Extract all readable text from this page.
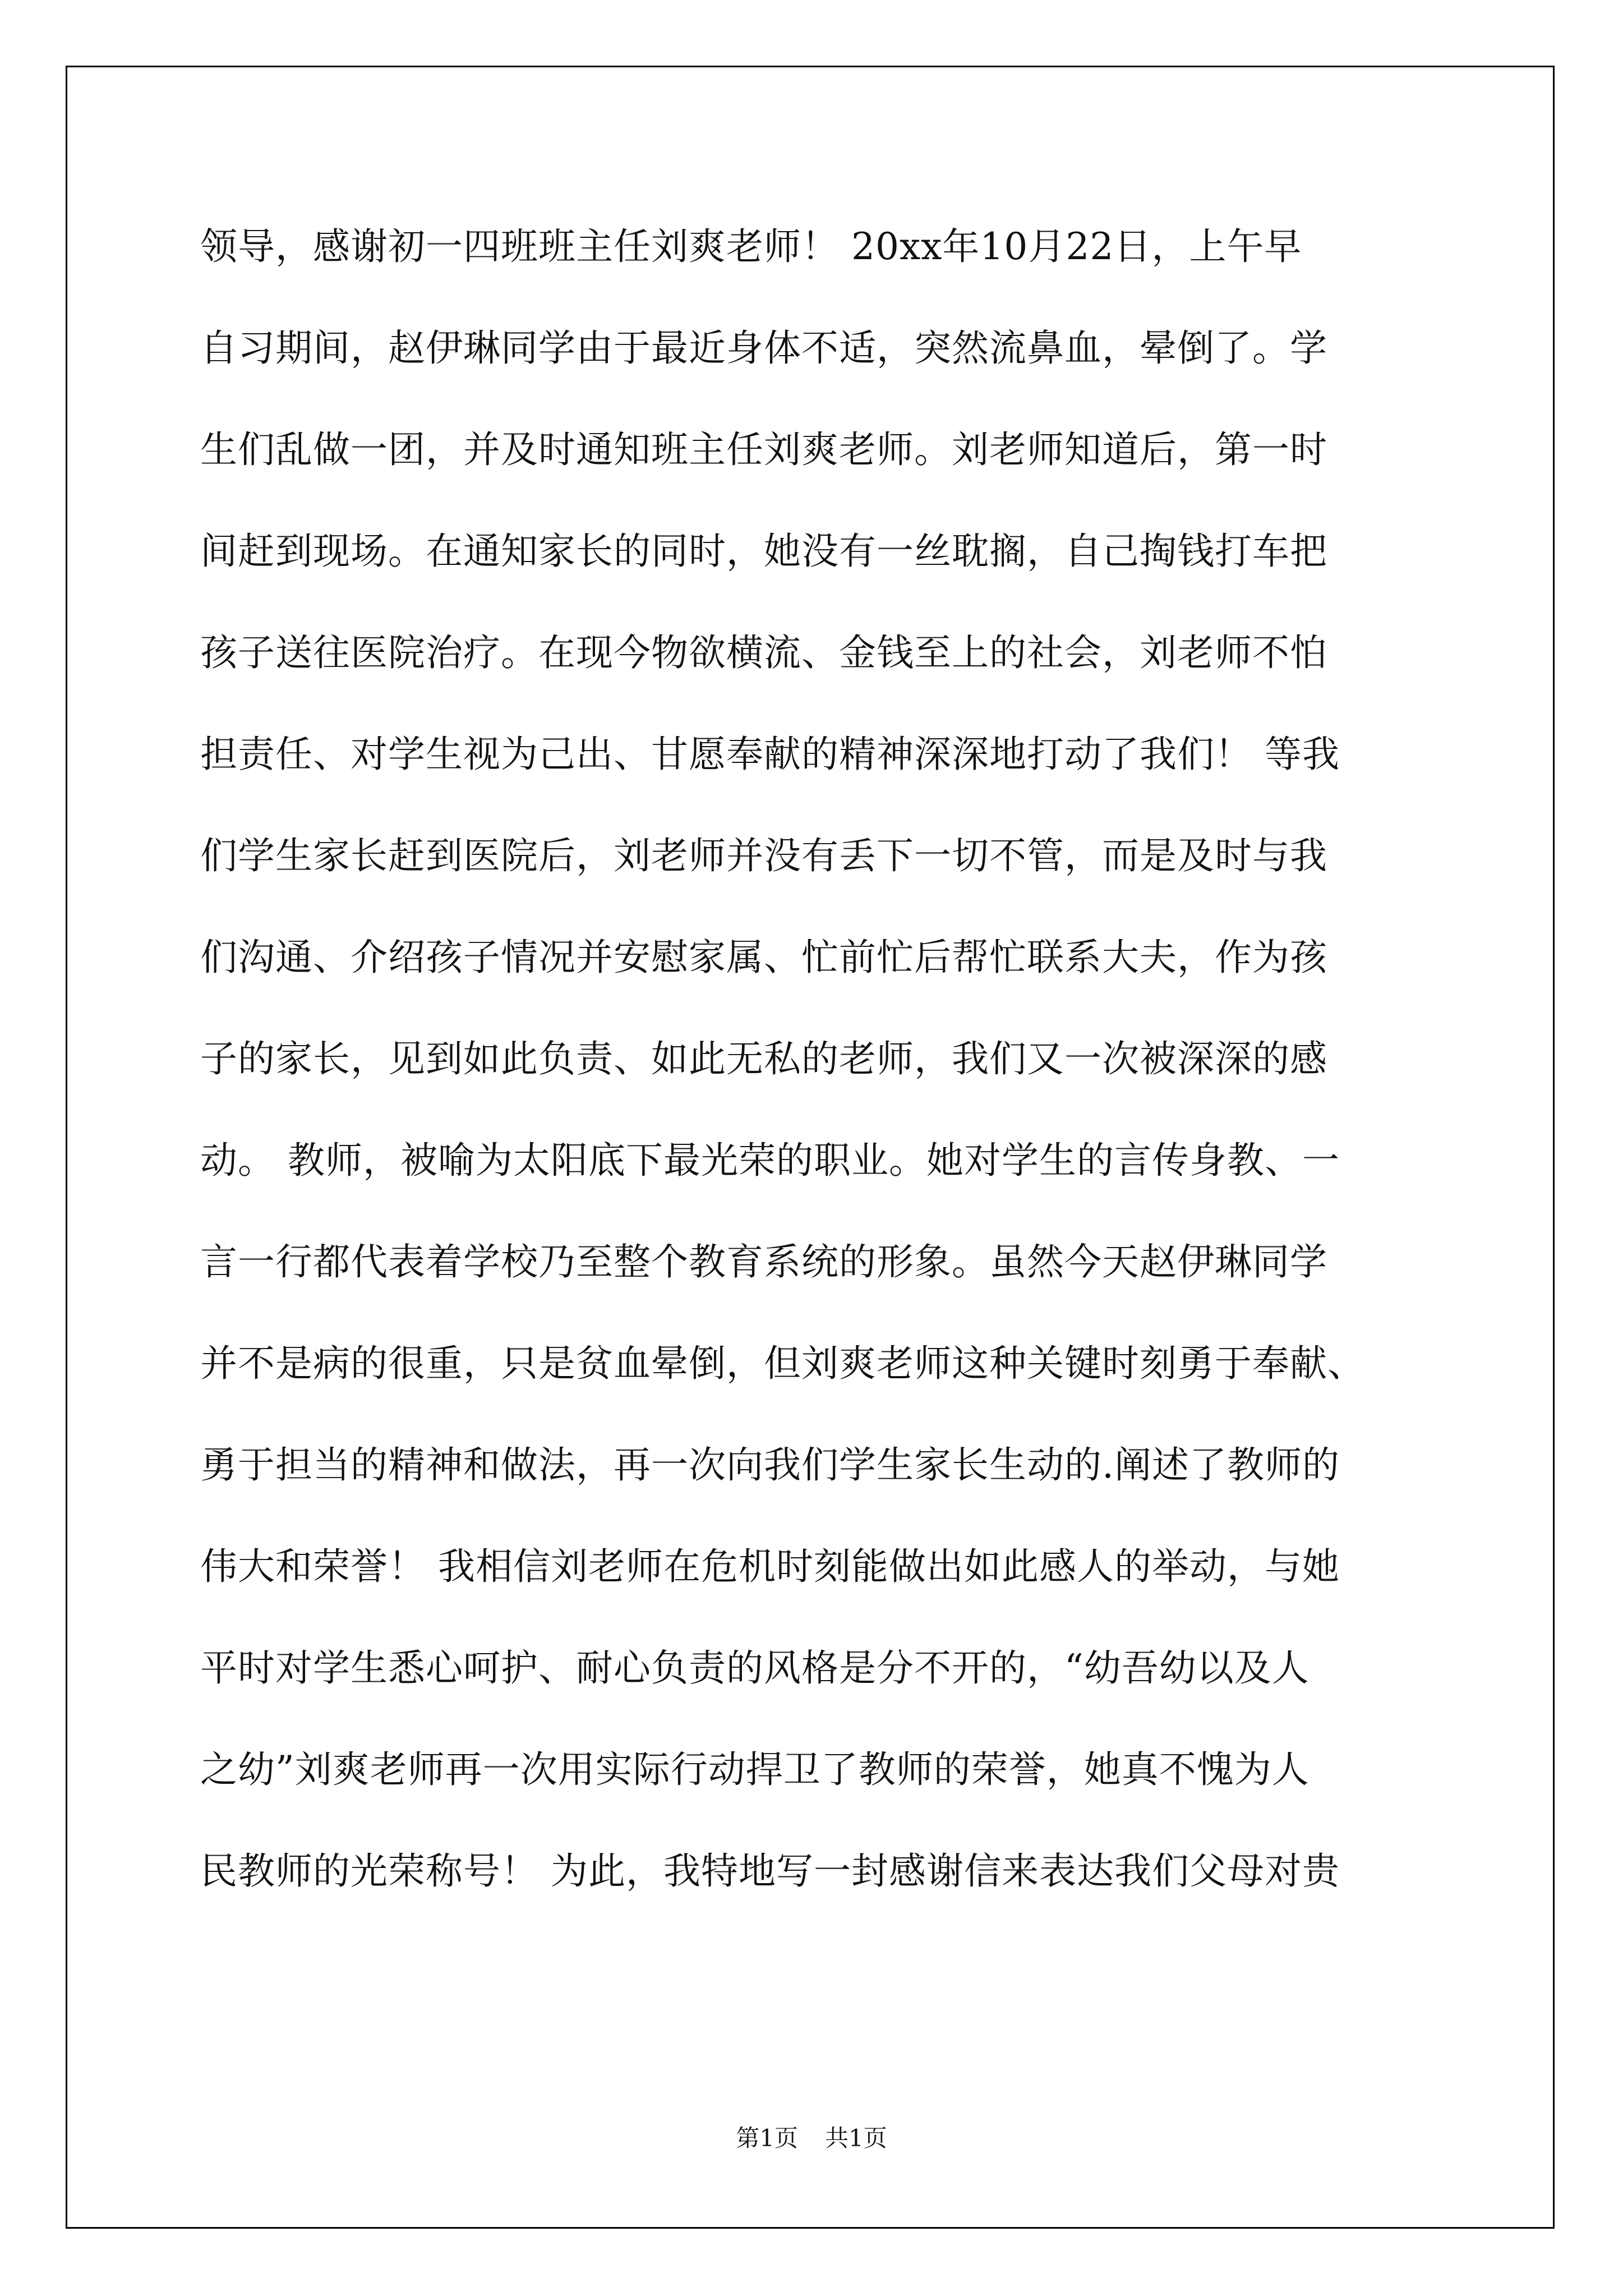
领导，感谢初一四班班主任刘爽老师！ 20xx年10月22日，上午早
自习期间，赵伊琳同学由于最近身体不适，突然流鼻血，晕倒了。学
生们乱做一团，并及时通知班主任刘爽老师。刘老师知道后，第一时
间赶到现场。在通知家长的同时，她没有一丝耽搁，自己掏钱打车把
孩子送往医院治疗。在现今物欲横流、金钱至上的社会，刘老师不怕
担责任、对学生视为己出、甘愿奉献的精神深深地打动了我们！ 等我
们学生家长赶到医院后，刘老师并没有丢下一切不管，而是及时与我
们沟通、介绍孩子情况并安慰家属、忙前忙后帮忙联系大夫，作为孩
子的家长，见到如此负责、如此无私的老师，我们又一次被深深的感
动。 教师，被喻为太阳底下最光荣的职业。她对学生的言传身教、一
言一行都代表着学校乃至整个教育系统的形象。虽然今天赵伊琳同学
并不是病的很重，只是贫血晕倒，但刘爽老师这种关键时刻勇于奉献、
勇于担当的精神和做法，再一次向我们学生家长生动的.阐述了教师的
伟大和荣誉！ 我相信刘老师在危机时刻能做出如此感人的举动，与她
平时对学生悉心呵护、耐心负责的风格是分不开的，“幼吾幼以及人
之幼”刘爽老师再一次用实际行动捍卫了教师的荣誉，她真不愧为人
民教师的光荣称号！ 为此，我特地写一封感谢信来表达我们父母对贵
第1页 共1页
